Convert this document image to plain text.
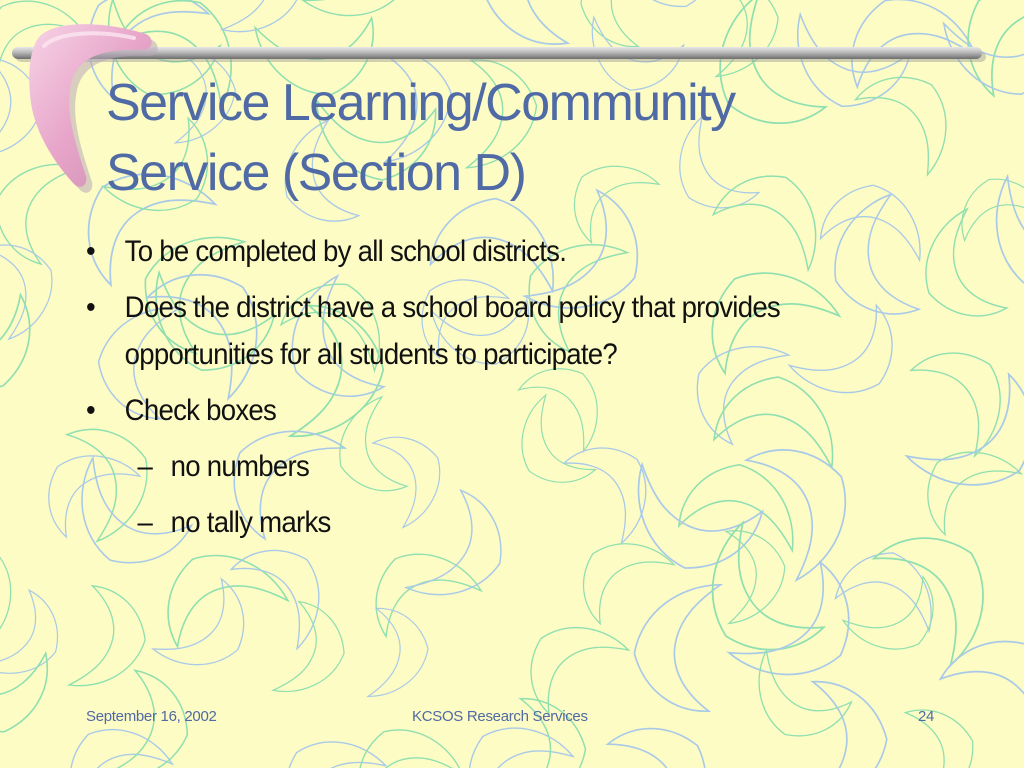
Service Learning/Community
Service (Section D)
• To be completed by all school districts.
• Does the district have a school board policy that provides opportunities for all students to participate?
• Check boxes
– no numbers
– no tally marks
September 16, 2002	KCSOS Research Services	24
